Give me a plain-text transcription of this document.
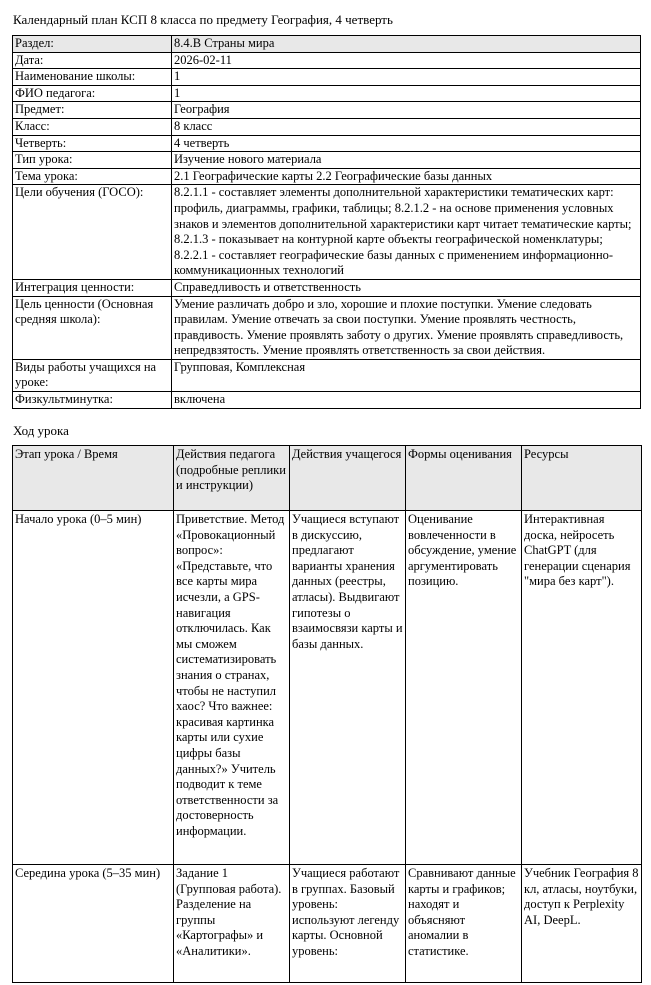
Календарный план КСП 8 класса по предмету География, 4 четверть
Раздел:	8.4.В Страны мира
Дата:	2026-02-11
Наименование школы:	1
ФИО педагога:	1
Предмет:	География
Класс:	8 класс
Четверть:	4 четверть
Тип урока:	Изучение нового материала
Тема урока:	2.1 Географические карты 2.2 Географические базы данных
Цели обучения (ГОСО):	8.2.1.1 - составляет элементы дополнительной характеристики тематических карт: профиль, диаграммы, графики, таблицы; 8.2.1.2 - на основе применения условных знаков и элементов дополнительной характеристики карт читает тематические карты; 8.2.1.3 - показывает на контурной карте объекты географической номенклатуры; 8.2.2.1 - составляет географические базы данных с применением информационно-коммуникационных технологий
Интеграция ценности:	Справедливость и ответственность
Цель ценности (Основная средняя школа):	Умение различать добро и зло, хорошие и плохие поступки. Умение следовать правилам. Умение отвечать за свои поступки. Умение проявлять честность, правдивость. Умение проявлять заботу о других. Умение проявлять справедливость, непредвзятость. Умение проявлять ответственность за свои действия.
Виды работы учащихся на уроке:	Групповая, Комплексная
Физкультминутка:	включена
Ход урока
Этап урока / Время	Действия педагога (подробные реплики и инструкции)	Действия учащегося	Формы оценивания	Ресурсы
Начало урока (0–5 мин)	Приветствие. Метод «Провокационный вопрос»: «Представьте, что все карты мира исчезли, а GPS-навигация отключилась. Как мы сможем систематизировать знания о странах, чтобы не наступил хаос? Что важнее: красивая картинка карты или сухие цифры базы данных?» Учитель подводит к теме ответственности за достоверность информации.	Учащиеся вступают в дискуссию, предлагают варианты хранения данных (реестры, атласы). Выдвигают гипотезы о взаимосвязи карты и базы данных.	Оценивание вовлеченности в обсуждение, умение аргументировать позицию.	Интерактивная доска, нейросеть ChatGPT (для генерации сценария "мира без карт").
Середина урока (5–35 мин)	Задание 1 (Групповая работа). Разделение на группы «Картографы» и «Аналитики».	Учащиеся работают в группах. Базовый уровень: используют легенду карты. Основной уровень:	Сравнивают данные карты и графиков; находят и объясняют аномалии в статистике.	Учебник География 8 кл, атласы, ноутбуки, доступ к Perplexity AI, DeepL.
